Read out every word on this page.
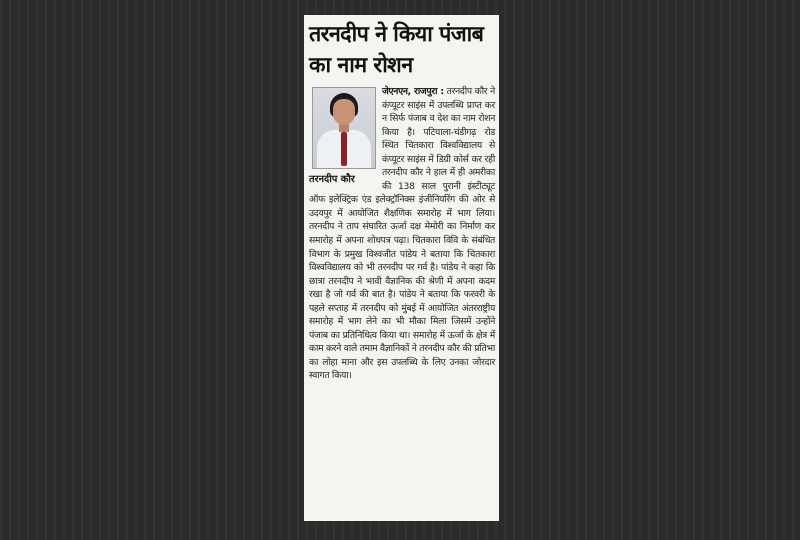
तरनदीप ने किया पंजाब
का नाम रोशन
तरनदीप कौर

जेएनएन, राजपुरा : तरनदीप कौर ने कंप्यूटर साइंस में उपलब्धि प्राप्त कर न सिर्फ पंजाब व देश का नाम रोशन किया है। पटियाला-चंडीगढ़ रोड स्थित चितकारा विश्वविद्यालय से कंप्यूटर साइंस में डिग्री कोर्स कर रही तरनदीप कौर ने हाल में ही अमरीका की 138 साल पुरानी इंस्टीट्यूट ऑफ इलेक्ट्रिक एंड इलेक्ट्रॉनिक्स इंजीनियरिंग की ओर से उदयपुर में आयोजित शैक्षणिक समारोह में भाग लिया। तरनदीप ने ताप संघारित ऊर्जा दक्ष मेमोरी का निर्माण कर समारोह में अपना शोधपत्र पढ़ा। चितकारा विवि के संबंधित विभाग के प्रमुख विश्वजीत पांडेय ने बताया कि चितकारा विश्वविद्यालय को भी तरनदीप पर गर्व है। पांडेय ने कहा कि छात्रा तरनदीप ने भावी वैज्ञानिक की श्रेणी में अपना कदम रखा है जो गर्व की बात है। पांडेय ने बताया कि फरवरी के पहले सप्ताह में तरनदीप को मुंबई में आयोजित अंतरराष्ट्रीय समारोह में भाग लेने का भी मौका मिला जिसमें उन्होंने पंजाब का प्रतिनिधित्व किया था। समारोह में ऊर्जा के क्षेत्र में काम करने वाले तमाम वैज्ञानिकों ने तरनदीप कौर की प्रतिभा का लोहा माना और इस उपलब्धि के लिए उनका जोरदार स्वागत किया।
